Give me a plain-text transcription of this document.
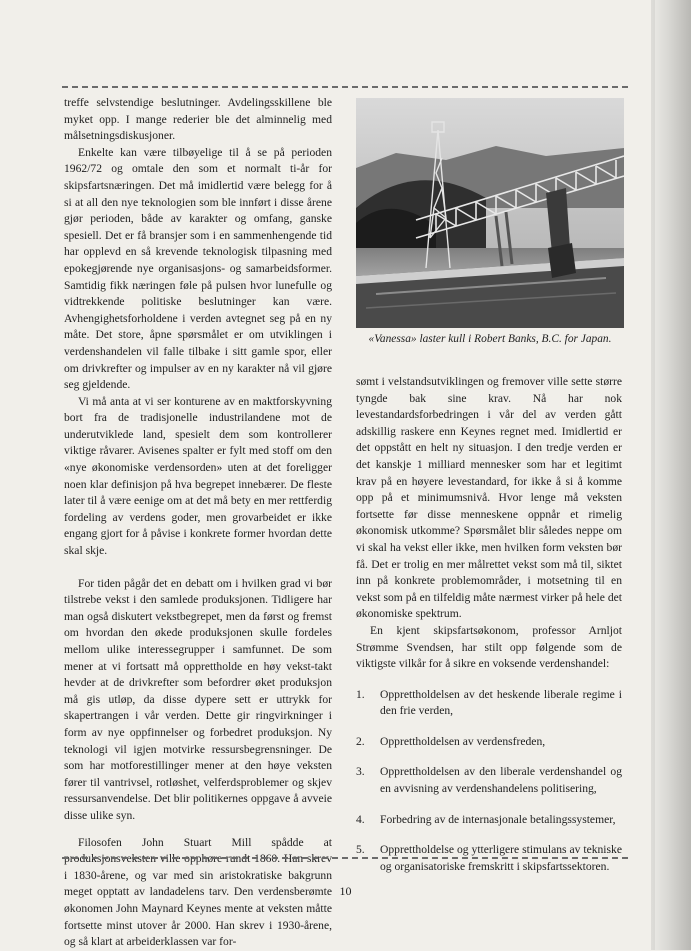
treffe selvstendige beslutninger. Avdelingsskillene ble myket opp. I mange rederier ble det alminnelig med målsetningsdiskusjoner.

Enkelte kan være tilbøyelige til å se på perioden 1962/72 og omtale den som et normalt ti-år for skipsfartsnæringen. Det må imidlertid være belegg for å si at all den nye teknologien som ble innført i disse årene gjør perioden, både av karakter og omfang, ganske spesiell. Det er få bransjer som i en sammenhengende tid har opplevd en så krevende teknologisk tilpasning med epokegjørende nye organisasjons- og samarbeidsformer. Samtidig fikk næringen føle på pulsen hvor lunefulle og vidtrekkende politiske beslutninger kan være. Avhengighetsforholdene i verden avtegnet seg på en ny måte. Det store, åpne spørsmålet er om utviklingen i verdenshandelen vil falle tilbake i sitt gamle spor, eller om drivkrefter og impulser av en ny karakter nå vil gjøre seg gjeldende.

Vi må anta at vi ser konturene av en maktforskyvning bort fra de tradisjonelle industrilandene mot de underutviklede land, spesielt dem som kontrollerer viktige råvarer. Avisenes spalter er fylt med stoff om den «nye økonomiske verdensorden» uten at det foreligger noen klar definisjon på hva begrepet innebærer. De fleste later til å være eenige om at det må bety en mer rettferdig fordeling av verdens goder, men grovarbeidet er ikke engang gjort for å påvise i konkrete former hvordan dette skal skje.

For tiden pågår det en debatt om i hvilken grad vi bør tilstrebe vekst i den samlede produksjonen. Tidligere har man også diskutert vekstbegrepet, men da først og fremst om hvordan den økede produksjonen skulle fordeles mellom ulike interessegrupper i samfunnet. De som mener at vi fortsatt må opprettholde en høy vekst-takt hevder at de drivkrefter som befordrer øket produksjon må gis utløp, da disse dypere sett er uttrykk for skapertrangen i vår verden. Dette gir ringvirkninger i form av nye oppfinnelser og forbedret produksjon. Ny teknologi vil igjen motvirke ressursbegrensninger. De som har motforestillinger mener at den høye veksten fører til vantrivsel, rotløshet, velferdsproblemer og skjev ressursanvendelse. Det blir politikernes oppgave å avveie disse ulike syn.

Filosofen John Stuart Mill spådde at produksjonsveksten ville opphøre rundt 1860. Han skrev i 1830-årene, og var med sin aristokratiske bakgrunn meget opptatt av landadelens tarv. Den verdensberømte økonomen John Maynard Keynes mente at veksten måtte fortsette minst utover år 2000. Han skrev i 1930-årene, og så klart at arbeiderklassen var for-

«Vanessa» laster kull i Robert Banks, B.C. for Japan.

sømt i velstandsutviklingen og fremover ville sette større tyngde bak sine krav. Nå har nok levestandardsforbedringen i vår del av verden gått adskillig raskere enn Keynes regnet med. Imidlertid er det oppstått en helt ny situasjon. I den tredje verden er det kanskje 1 milliard mennesker som har et legitimt krav på en høyere levestandard, for ikke å si å komme opp på et minimumsnivå. Hvor lenge må veksten fortsette før disse menneskene oppnår et rimelig økonomisk utkomme? Spørsmålet blir således neppe om vi skal ha vekst eller ikke, men hvilken form veksten bør få. Det er trolig en mer målrettet vekst som må til, siktet inn på konkrete problemområder, i motsetning til en vekst som på en tilfeldig måte nærmest virker på hele det økonomiske spektrum.

En kjent skipsfartsøkonom, professor Arnljot Strømme Svendsen, har stilt opp følgende som de viktigste vilkår for å sikre en voksende verdenshandel:

1.	Opprettholdelsen av det heskende liberale regime i den frie verden,
2.	Opprettholdelsen av verdensfreden,
3.	Opprettholdelsen av den liberale verdenshandel og en avvisning av verdenshandelens politisering,
4.	Forbedring av de internasjonale betalingssystemer,
5.	Opprettholdelse og ytterligere stimulans av tekniske og organisatoriske fremskritt i skipsfartssektoren.
10
